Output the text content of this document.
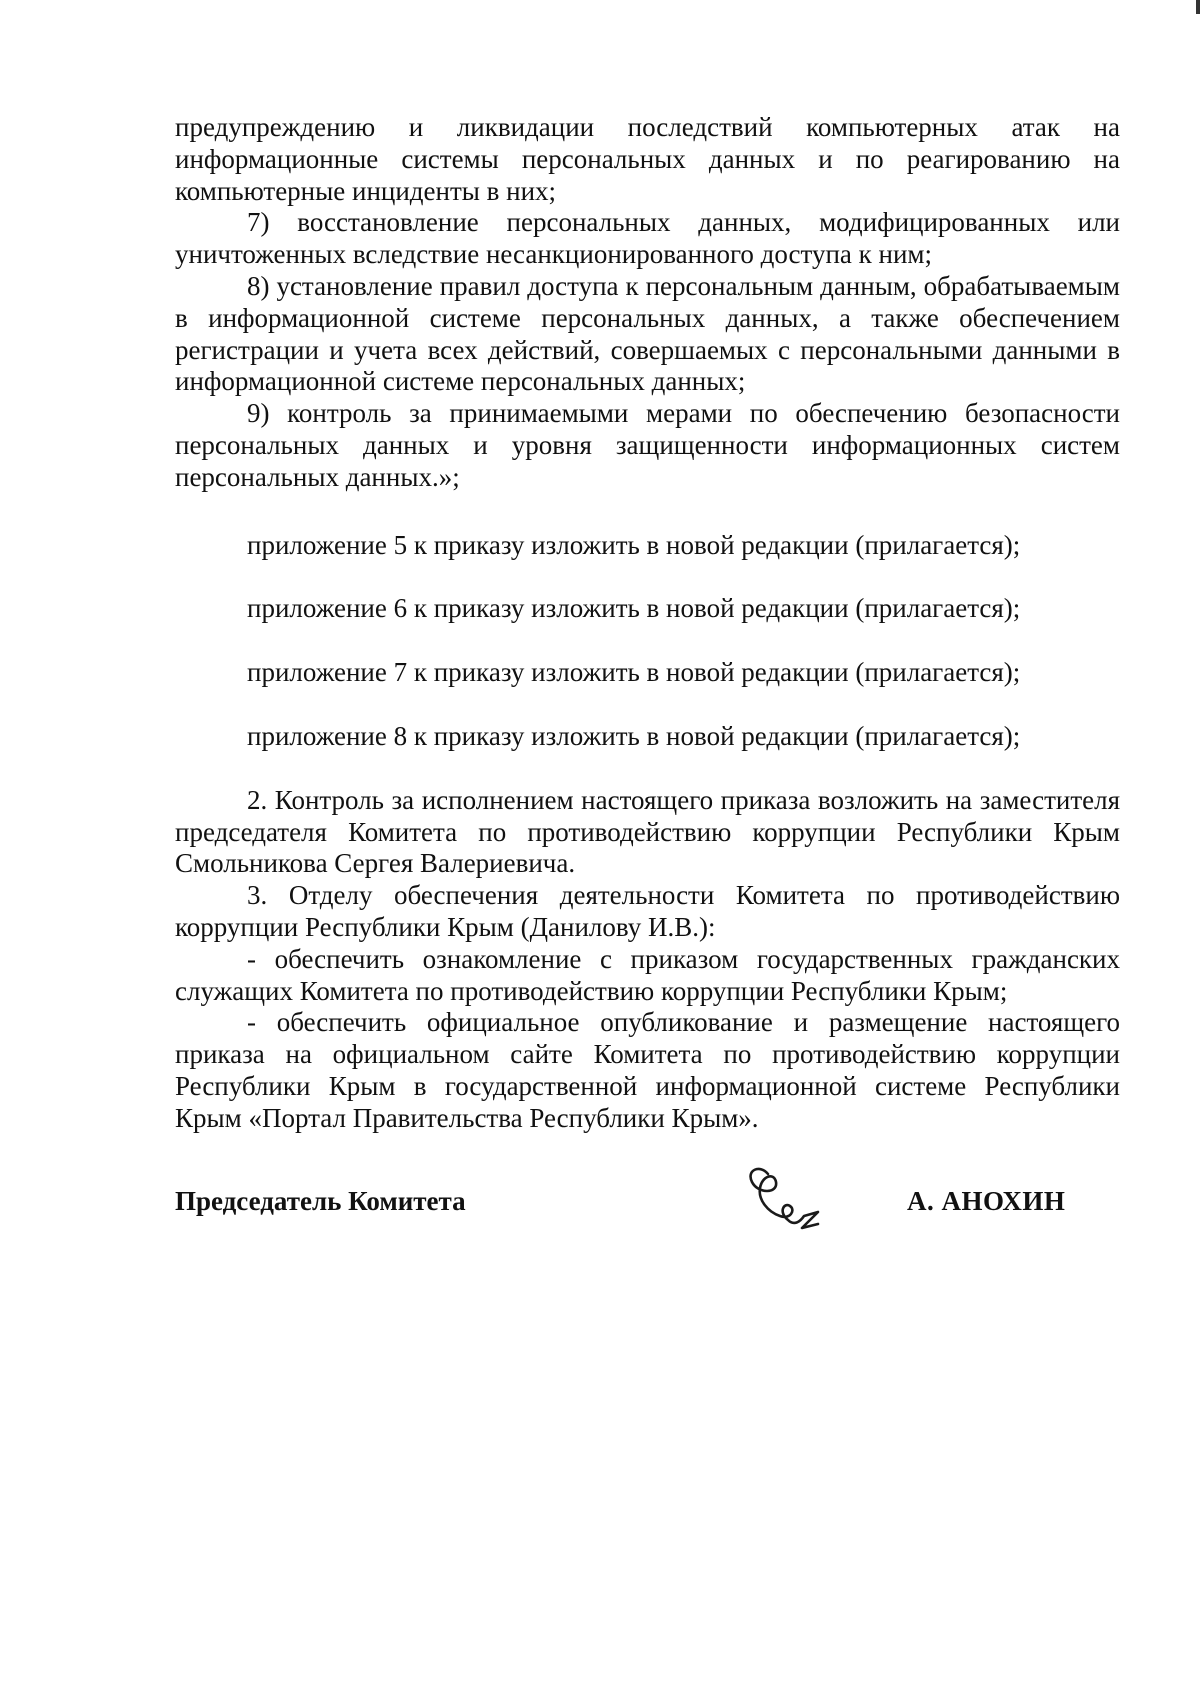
предупреждению и ликвидации последствий компьютерных атак на информационные системы персональных данных и по реагированию на компьютерные инциденты в них;

7) восстановление персональных данных, модифицированных или уничтоженных вследствие несанкционированного доступа к ним;

8) установление правил доступа к персональным данным, обрабатываемым в информационной системе персональных данных, а также обеспечением регистрации и учета всех действий, совершаемых с персональными данными в информационной системе персональных данных;

9) контроль за принимаемыми мерами по обеспечению безопасности персональных данных и уровня защищенности информационных систем персональных данных.»;

приложение 5 к приказу изложить в новой редакции (прилагается);

приложение 6 к приказу изложить в новой редакции (прилагается);

приложение 7 к приказу изложить в новой редакции (прилагается);

приложение 8 к приказу изложить в новой редакции (прилагается);

2. Контроль за исполнением настоящего приказа возложить на заместителя председателя Комитета по противодействию коррупции Республики Крым Смольникова Сергея Валериевича.

3. Отделу обеспечения деятельности Комитета по противодействию коррупции Республики Крым (Данилову И.В.):

- обеспечить ознакомление с приказом государственных гражданских служащих Комитета по противодействию коррупции Республики Крым;

- обеспечить официальное опубликование и размещение настоящего приказа на официальном сайте Комитета по противодействию коррупции Республики Крым в государственной информационной системе Республики Крым «Портал Правительства Республики Крым».

Председатель Комитета	А. АНОХИН
